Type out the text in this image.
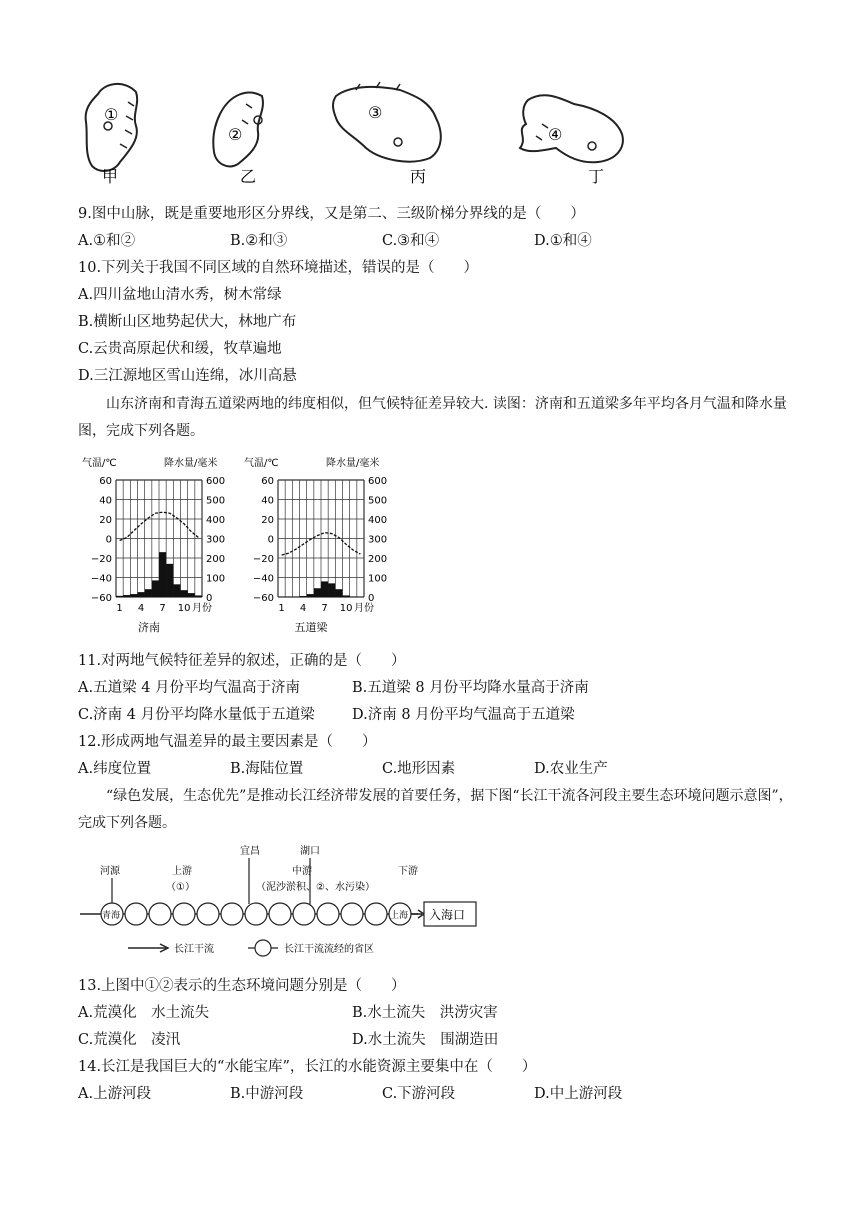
①
甲
②
乙
③
丙
④
丁
9.图中山脉，既是重要地形区分界线，又是第二、三级阶梯分界线的是（　　）
A.①和②	B.②和③	C.③和④	D.①和④
10.下列关于我国不同区域的自然环境描述，错误的是（　　）
A.四川盆地山清水秀，树木常绿
B.横断山区地势起伏大，林地广布
C.云贵高原起伏和缓，牧草遍地
D.三江源地区雪山连绵，冰川高悬
山东济南和青海五道梁两地的纬度相似，但气候特征差异较大. 读图：济南和五道梁多年平均各月气温和降水量图，完成下列各题。
气温/℃	降水量/毫米
60	600
40	500
20	400
0	300
−20	200
−40	100
−60	0
1 4 7 10 月份
济南
气温/℃	降水量/毫米
60	600
40	500
20	400
0	300
−20	200
−40	100
−60	0
1 4 7 10 月份
五道梁
11.对两地气候特征差异的叙述，正确的是（　　）
A.五道梁 4 月份平均气温高于济南	B.五道梁 8 月份平均降水量高于济南
C.济南 4 月份平均降水量低于五道梁	D.济南 8 月份平均气温高于五道梁
12.形成两地气温差异的最主要因素是（　　）
A.纬度位置	B.海陆位置	C.地形因素	D.农业生产
“绿色发展，生态优先”是推动长江经济带发展的首要任务，据下图“长江干流各河段主要生态环境问题示意图”，完成下列各题。
河源	上游
（①）
宜昌
中游
湖口
（泥沙淤积、②、水污染）
下游
青海	上海 入海口
长江干流	长江干流流经的省区
13.上图中①②表示的生态环境问题分别是（　　）
A.荒漠化　水土流失	B.水土流失　洪涝灾害
C.荒漠化　凌汛	D.水土流失　围湖造田
14.长江是我国巨大的“水能宝库”，长江的水能资源主要集中在（　　）
A.上游河段	B.中游河段	C.下游河段	D.中上游河段
